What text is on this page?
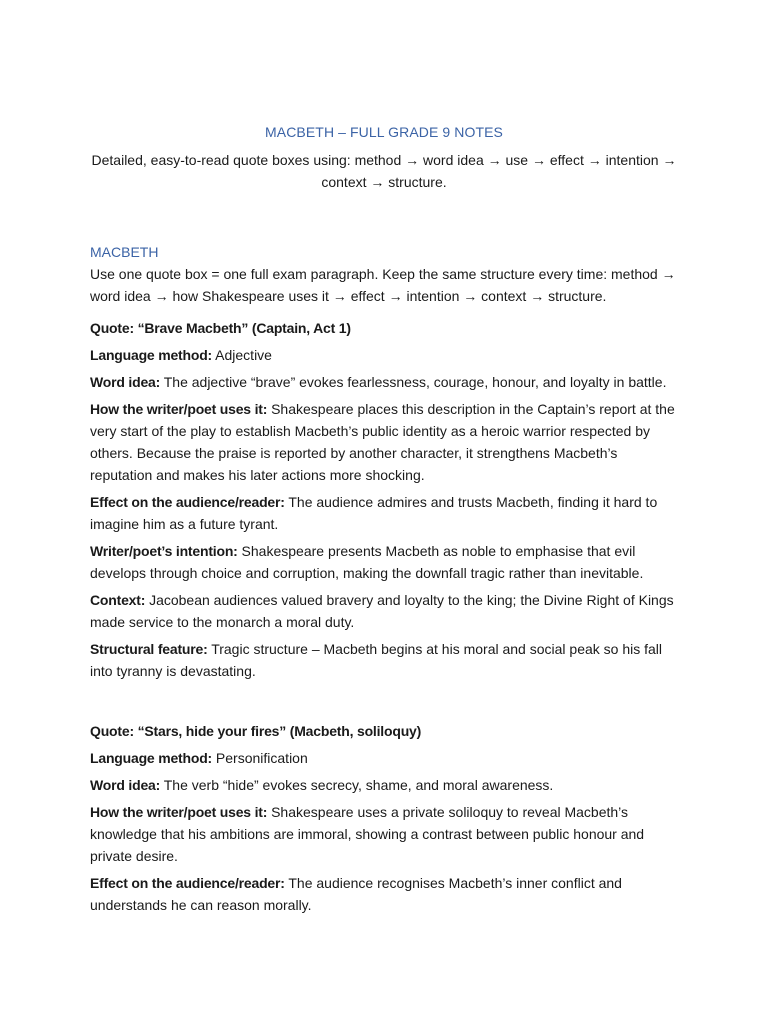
MACBETH – FULL GRADE 9 NOTES

Detailed, easy-to-read quote boxes using: method → word idea → use → effect → intention → context → structure.

MACBETH

Use one quote box = one full exam paragraph. Keep the same structure every time: method → word idea → how Shakespeare uses it → effect → intention → context → structure.

Quote: “Brave Macbeth” (Captain, Act 1)

Language method: Adjective

Word idea: The adjective “brave” evokes fearlessness, courage, honour, and loyalty in battle.

How the writer/poet uses it: Shakespeare places this description in the Captain’s report at the very start of the play to establish Macbeth’s public identity as a heroic warrior respected by others. Because the praise is reported by another character, it strengthens Macbeth’s reputation and makes his later actions more shocking.

Effect on the audience/reader: The audience admires and trusts Macbeth, finding it hard to imagine him as a future tyrant.

Writer/poet’s intention: Shakespeare presents Macbeth as noble to emphasise that evil develops through choice and corruption, making the downfall tragic rather than inevitable.

Context: Jacobean audiences valued bravery and loyalty to the king; the Divine Right of Kings made service to the monarch a moral duty.

Structural feature: Tragic structure – Macbeth begins at his moral and social peak so his fall into tyranny is devastating.

Quote: “Stars, hide your fires” (Macbeth, soliloquy)

Language method: Personification

Word idea: The verb “hide” evokes secrecy, shame, and moral awareness.

How the writer/poet uses it: Shakespeare uses a private soliloquy to reveal Macbeth’s knowledge that his ambitions are immoral, showing a contrast between public honour and private desire.

Effect on the audience/reader: The audience recognises Macbeth’s inner conflict and understands he can reason morally.
